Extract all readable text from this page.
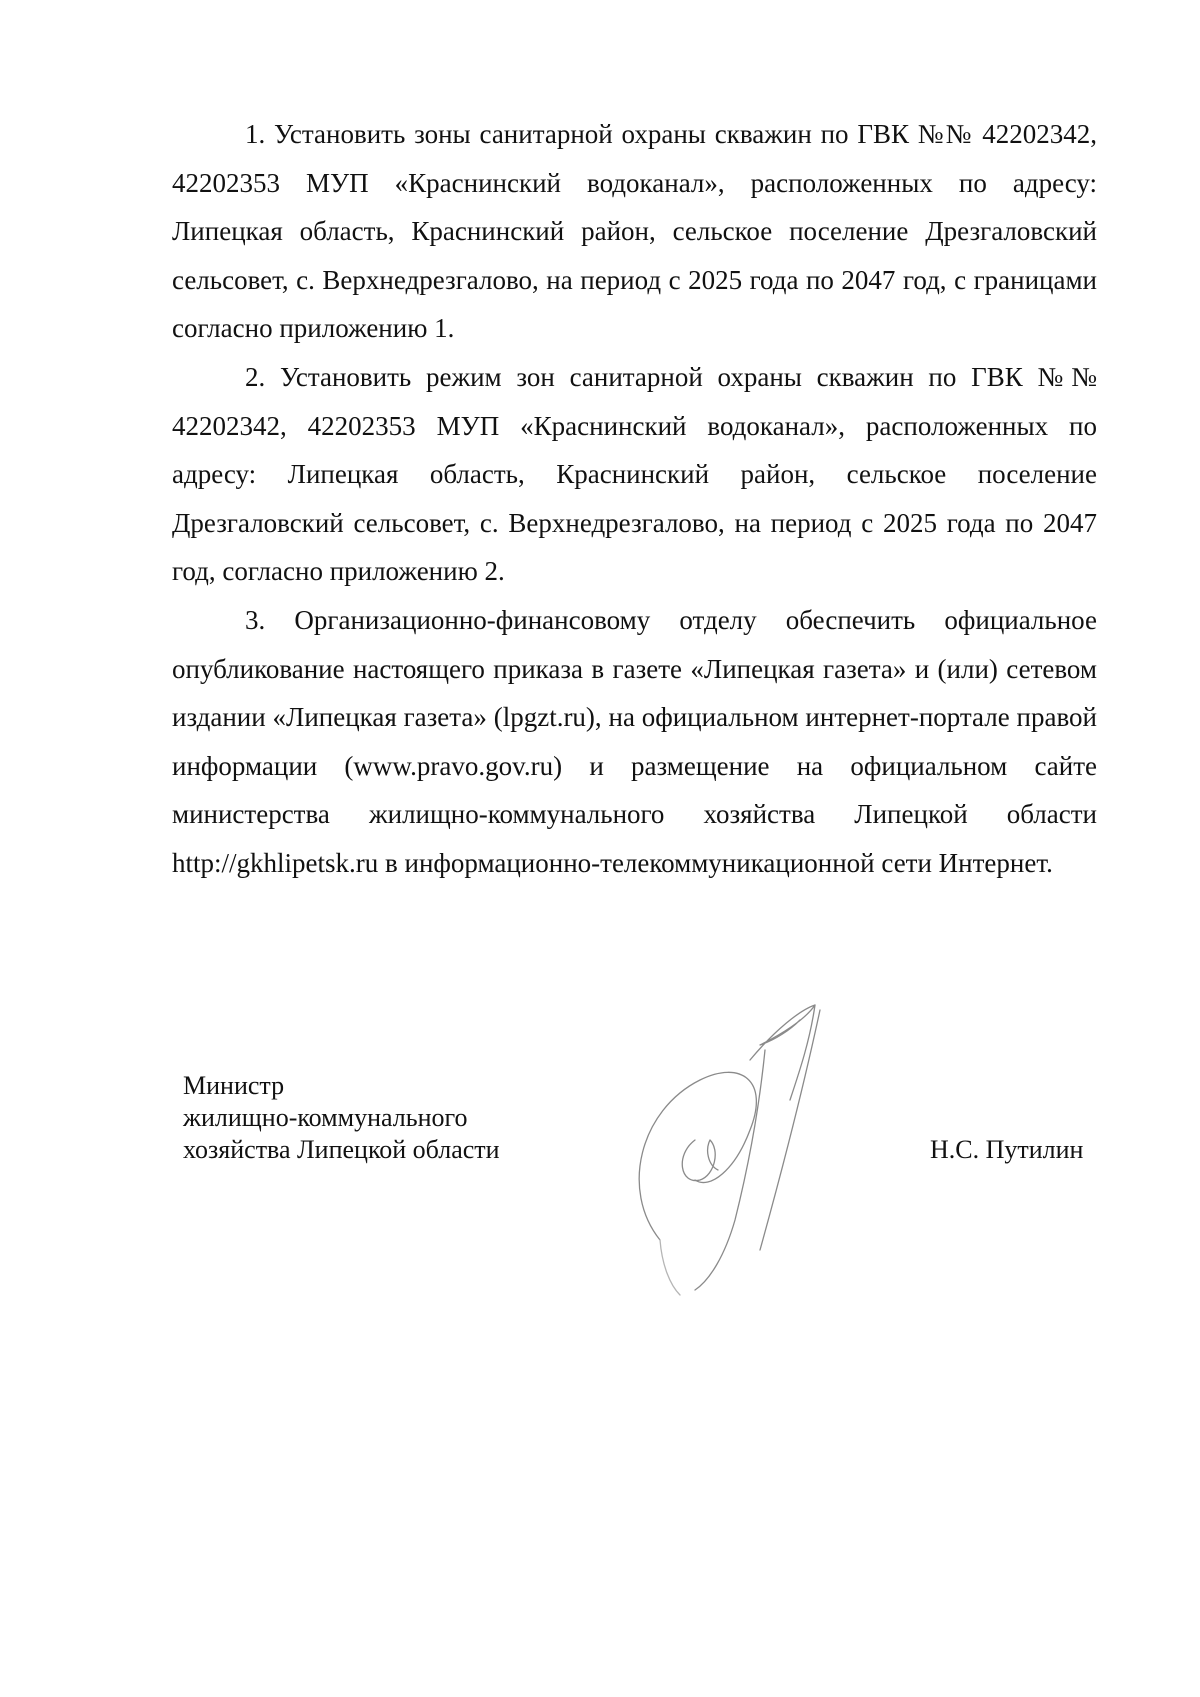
1. Установить зоны санитарной охраны скважин по ГВК №№ 42202342, 42202353 МУП «Краснинский водоканал», расположенных по адресу: Липецкая область, Краснинский район, сельское поселение Дрезгаловский сельсовет, с. Верхнедрезгалово, на период с 2025 года по 2047 год, с границами согласно приложению 1.

2. Установить режим зон санитарной охраны скважин по ГВК №№ 42202342, 42202353 МУП «Краснинский водоканал», расположенных по адресу: Липецкая область, Краснинский район, сельское поселение Дрезгаловский сельсовет, с. Верхнедрезгалово, на период с 2025 года по 2047 год, согласно приложению 2.

3. Организационно-финансовому отделу обеспечить официальное опубликование настоящего приказа в газете «Липецкая газета» и (или) сетевом издании «Липецкая газета» (lpgzt.ru), на официальном интернет-портале правой информации (www.pravo.gov.ru) и размещение на официальном сайте министерства жилищно-коммунального хозяйства Липецкой области http://gkhlipetsk.ru в информационно-телекоммуникационной сети Интернет.

Министр
жилищно-коммунального
хозяйства Липецкой области	Н.С. Путилин
